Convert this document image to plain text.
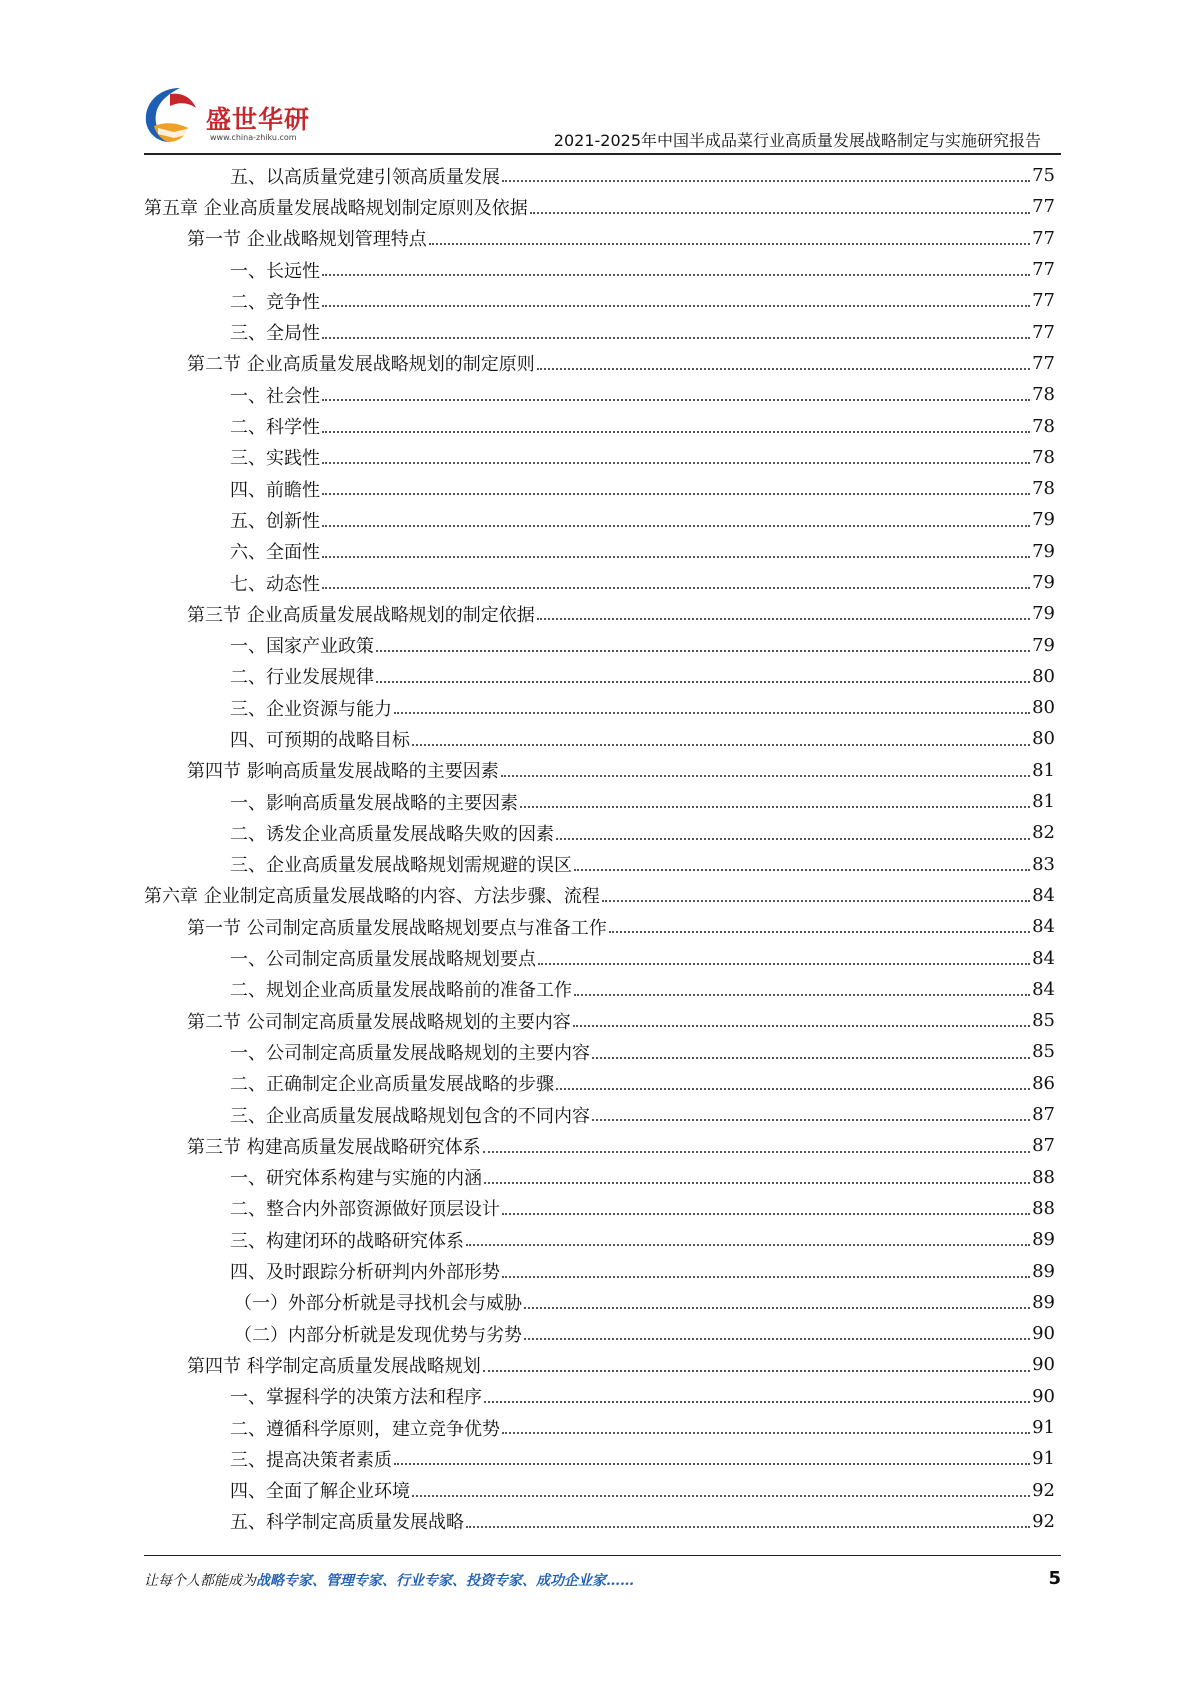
盛世华研
www.china-zhiku.com	2021-2025年中国半成品菜行业高质量发展战略制定与实施研究报告
五、以高质量党建引领高质量发展	75
第五章 企业高质量发展战略规划制定原则及依据	77
第一节 企业战略规划管理特点	77
一、长远性	77
二、竞争性	77
三、全局性	77
第二节 企业高质量发展战略规划的制定原则	77
一、社会性	78
二、科学性	78
三、实践性	78
四、前瞻性	78
五、创新性	79
六、全面性	79
七、动态性	79
第三节 企业高质量发展战略规划的制定依据	79
一、国家产业政策	79
二、行业发展规律	80
三、企业资源与能力	80
四、可预期的战略目标	80
第四节 影响高质量发展战略的主要因素	81
一、影响高质量发展战略的主要因素	81
二、诱发企业高质量发展战略失败的因素	82
三、企业高质量发展战略规划需规避的误区	83
第六章 企业制定高质量发展战略的内容、方法步骤、流程	84
第一节 公司制定高质量发展战略规划要点与准备工作	84
一、公司制定高质量发展战略规划要点	84
二、规划企业高质量发展战略前的准备工作	84
第二节 公司制定高质量发展战略规划的主要内容	85
一、公司制定高质量发展战略规划的主要内容	85
二、正确制定企业高质量发展战略的步骤	86
三、企业高质量发展战略规划包含的不同内容	87
第三节 构建高质量发展战略研究体系	87
一、研究体系构建与实施的内涵	88
二、整合内外部资源做好顶层设计	88
三、构建闭环的战略研究体系	89
四、及时跟踪分析研判内外部形势	89
（一）外部分析就是寻找机会与威胁	89
（二）内部分析就是发现优势与劣势	90
第四节 科学制定高质量发展战略规划	90
一、掌握科学的决策方法和程序	90
二、遵循科学原则，建立竞争优势	91
三、提高决策者素质	91
四、全面了解企业环境	92
五、科学制定高质量发展战略	92
让每个人都能成为战略专家、管理专家、行业专家、投资专家、成功企业家……	5
